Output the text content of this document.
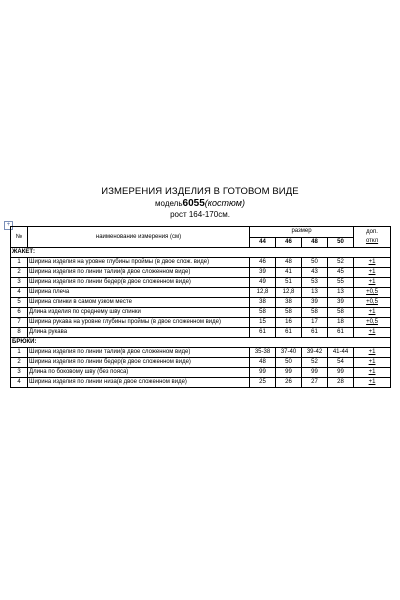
ИЗМЕРЕНИЯ ИЗДЕЛИЯ В ГОТОВОМ ВИДЕ
модель6055(костюм)
рост 164-170см.
+
№	наименование измерения (см)	размер				доп.
откл

		44	46	48	50	
ЖАКЕТ:						
1	Ширина изделия на уровне глубины проймы (в двое слож. виде)	46	48	50	52	+1
2	Ширина изделия по линии талии(в двое сложенном виде)	39	41	43	45	+1
3	Ширина изделия по линии бедер(в двое сложенном виде)	49	51	53	55	+1
4	Ширина плеча	12,8	12,8	13	13	+0,5
5	Ширина спинки в самом узком месте	38	38	39	39	+0,5
6	Длина изделия по среднему шву спинки	58	58	58	58	+1
7	Ширина рукава на уровне глубины проймы (в двое сложенном виде)	15	16	17	18	+0,5
8	Длина рукава	61	61	61	61	+1
БРЮКИ:						
1	Ширина изделия по линии талии(в двое сложенном виде)	35-38	37-40	39-42	41-44	+1
2	Ширина изделия по линии бедер(в двое сложенном виде)	48	50	52	54	+1
3	Длина по боковому шву (без пояса)	99	99	99	99	+1
4	Ширина изделия по линии низа(в двое сложенном виде)	25	26	27	28	+1
